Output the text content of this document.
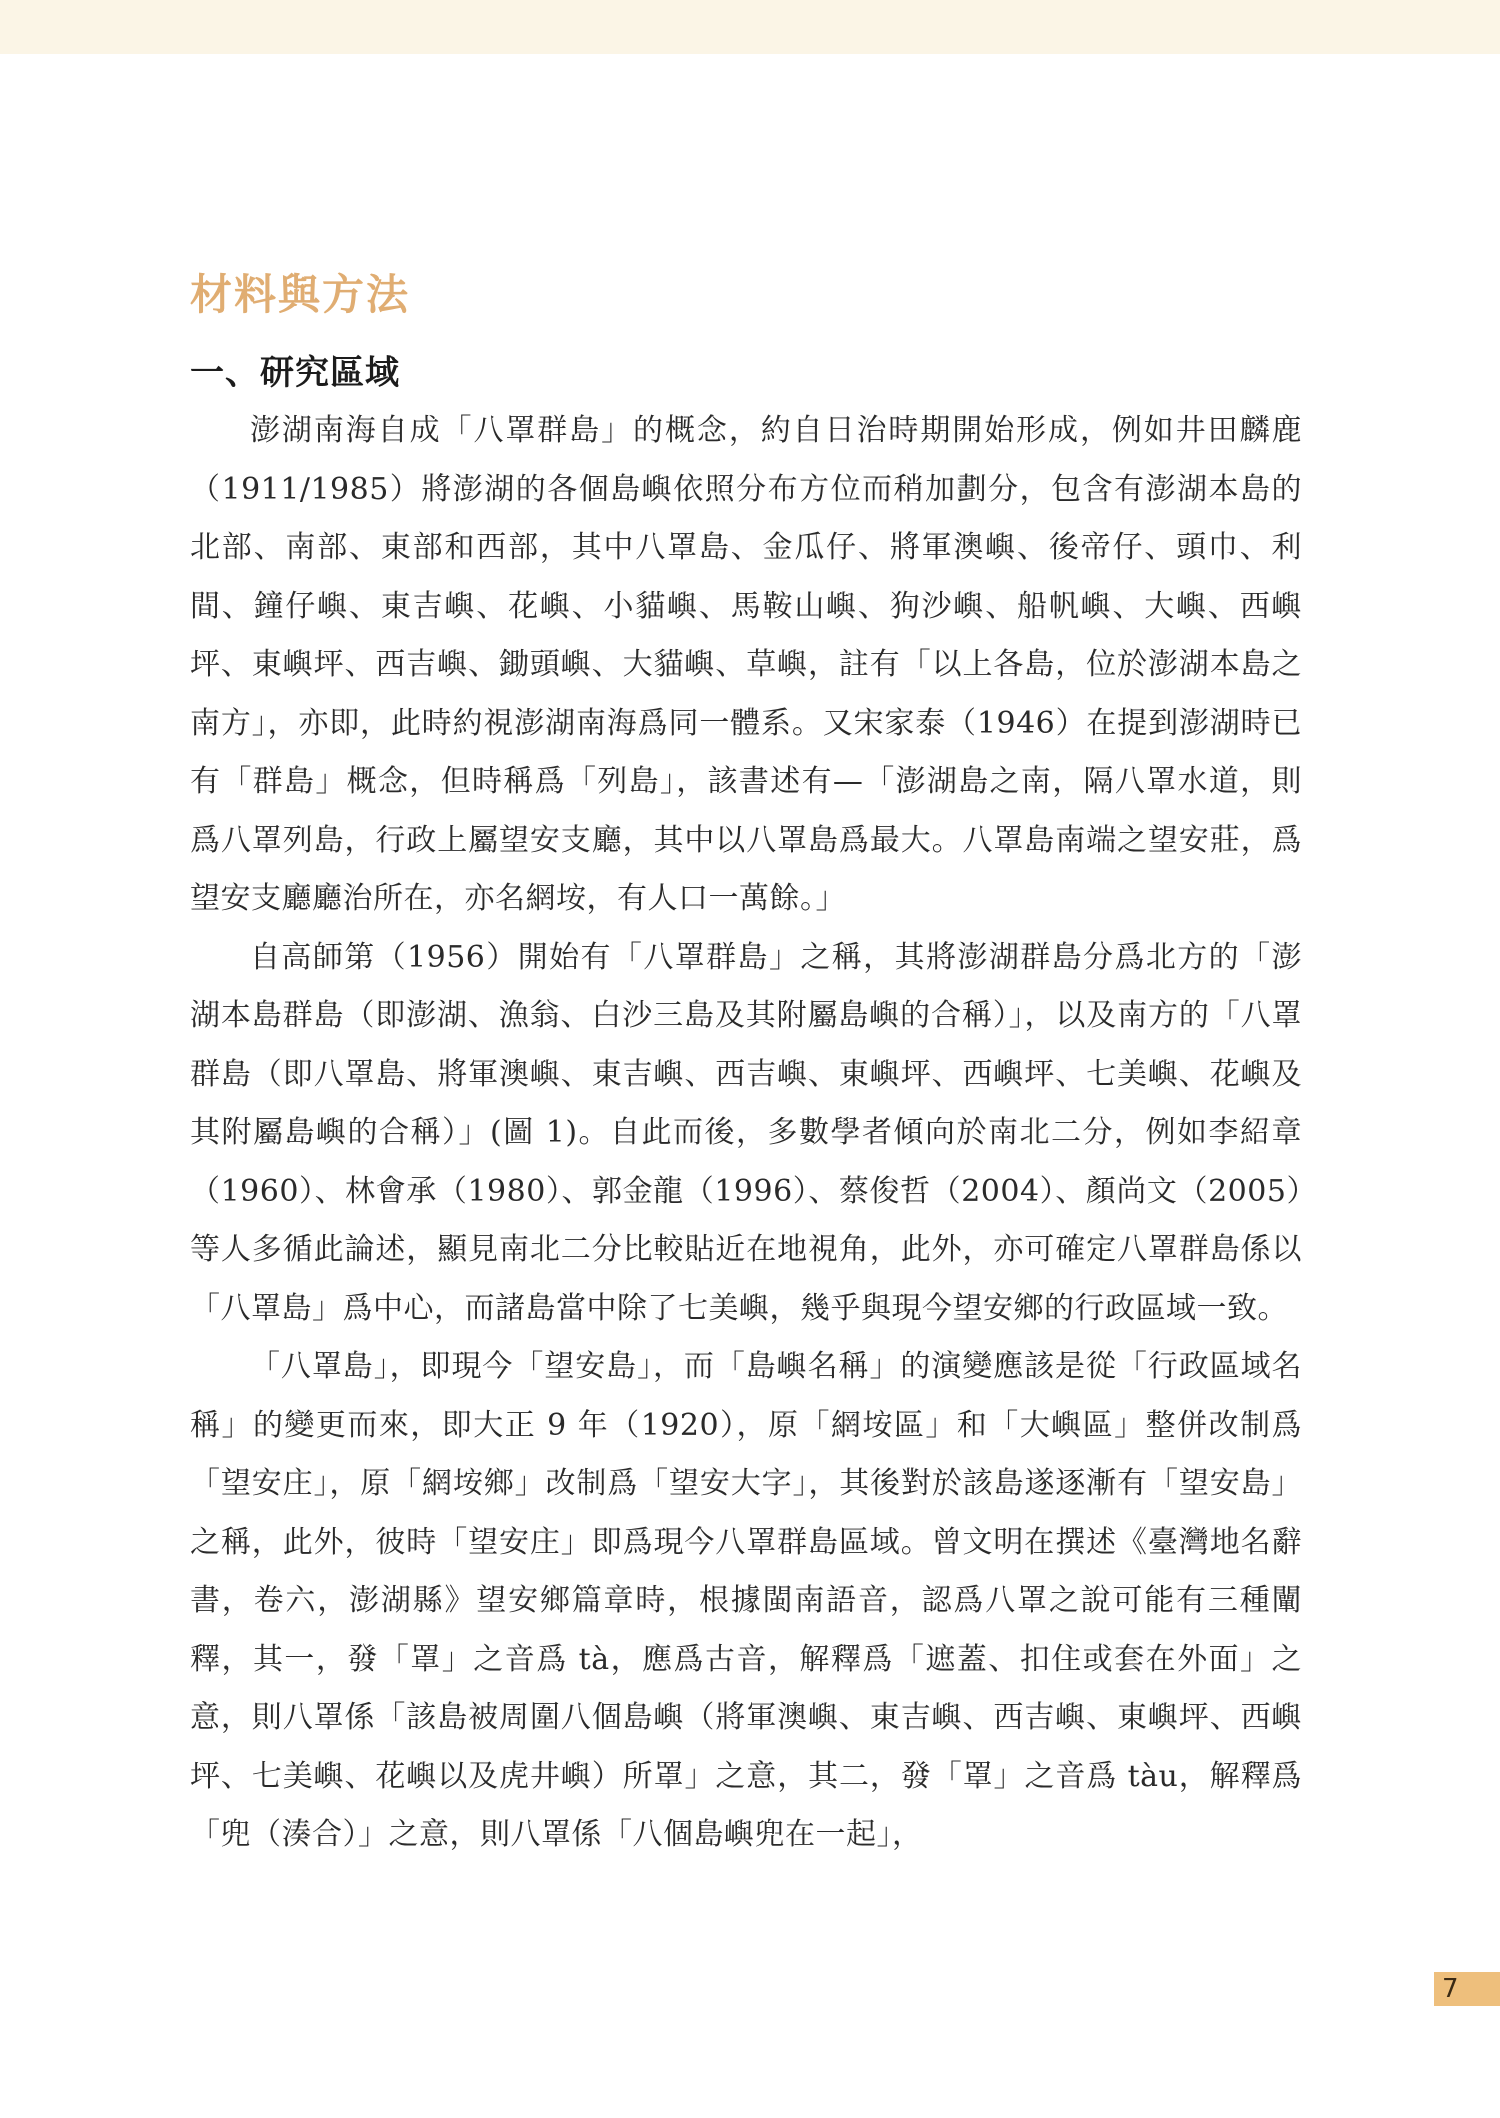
材料與方法
一、研究區域

澎湖南海自成「八罩群島」的概念，約自日治時期開始形成，例如井田麟鹿（1911/1985）將澎湖的各個島嶼依照分布方位而稍加劃分，包含有澎湖本島的北部、南部、東部和西部，其中八罩島、金瓜仔、將軍澳嶼、後帝仔、頭巾、利間、鐘仔嶼、東吉嶼、花嶼、小貓嶼、馬鞍山嶼、狗沙嶼、船帆嶼、大嶼、西嶼坪、東嶼坪、西吉嶼、鋤頭嶼、大貓嶼、草嶼，註有「以上各島，位於澎湖本島之南方」，亦即，此時約視澎湖南海爲同一體系。又宋家泰（1946）在提到澎湖時已有「群島」概念，但時稱爲「列島」，該書述有—「澎湖島之南，隔八罩水道，則爲八罩列島，行政上屬望安支廳，其中以八罩島爲最大。八罩島南端之望安莊，爲望安支廳廳治所在，亦名網垵，有人口一萬餘。」

自高師第（1956）開始有「八罩群島」之稱，其將澎湖群島分爲北方的「澎湖本島群島（即澎湖、漁翁、白沙三島及其附屬島嶼的合稱）」，以及南方的「八罩群島（即八罩島、將軍澳嶼、東吉嶼、西吉嶼、東嶼坪、西嶼坪、七美嶼、花嶼及其附屬島嶼的合稱）」(圖 1)。自此而後，多數學者傾向於南北二分，例如李紹章（1960）、林會承（1980）、郭金龍（1996）、蔡俊哲（2004）、顏尚文（2005）等人多循此論述，顯見南北二分比較貼近在地視角，此外，亦可確定八罩群島係以「八罩島」爲中心，而諸島當中除了七美嶼，幾乎與現今望安鄉的行政區域一致。

「八罩島」，即現今「望安島」，而「島嶼名稱」的演變應該是從「行政區域名稱」的變更而來，即大正 9 年（1920），原「網垵區」和「大嶼區」整併改制爲「望安庄」，原「網垵鄉」改制爲「望安大字」，其後對於該島遂逐漸有「望安島」之稱，此外，彼時「望安庄」即爲現今八罩群島區域。曾文明在撰述《臺灣地名辭書，卷六，澎湖縣》望安鄉篇章時，根據閩南語音，認爲八罩之說可能有三種闡釋，其一，發「罩」之音爲 tà，應爲古音，解釋爲「遮蓋、扣住或套在外面」之意，則八罩係「該島被周圍八個島嶼（將軍澳嶼、東吉嶼、西吉嶼、東嶼坪、西嶼坪、七美嶼、花嶼以及虎井嶼）所罩」之意，其二，發「罩」之音爲 tàu，解釋爲「兜（湊合）」之意，則八罩係「八個島嶼兜在一起」，

7
